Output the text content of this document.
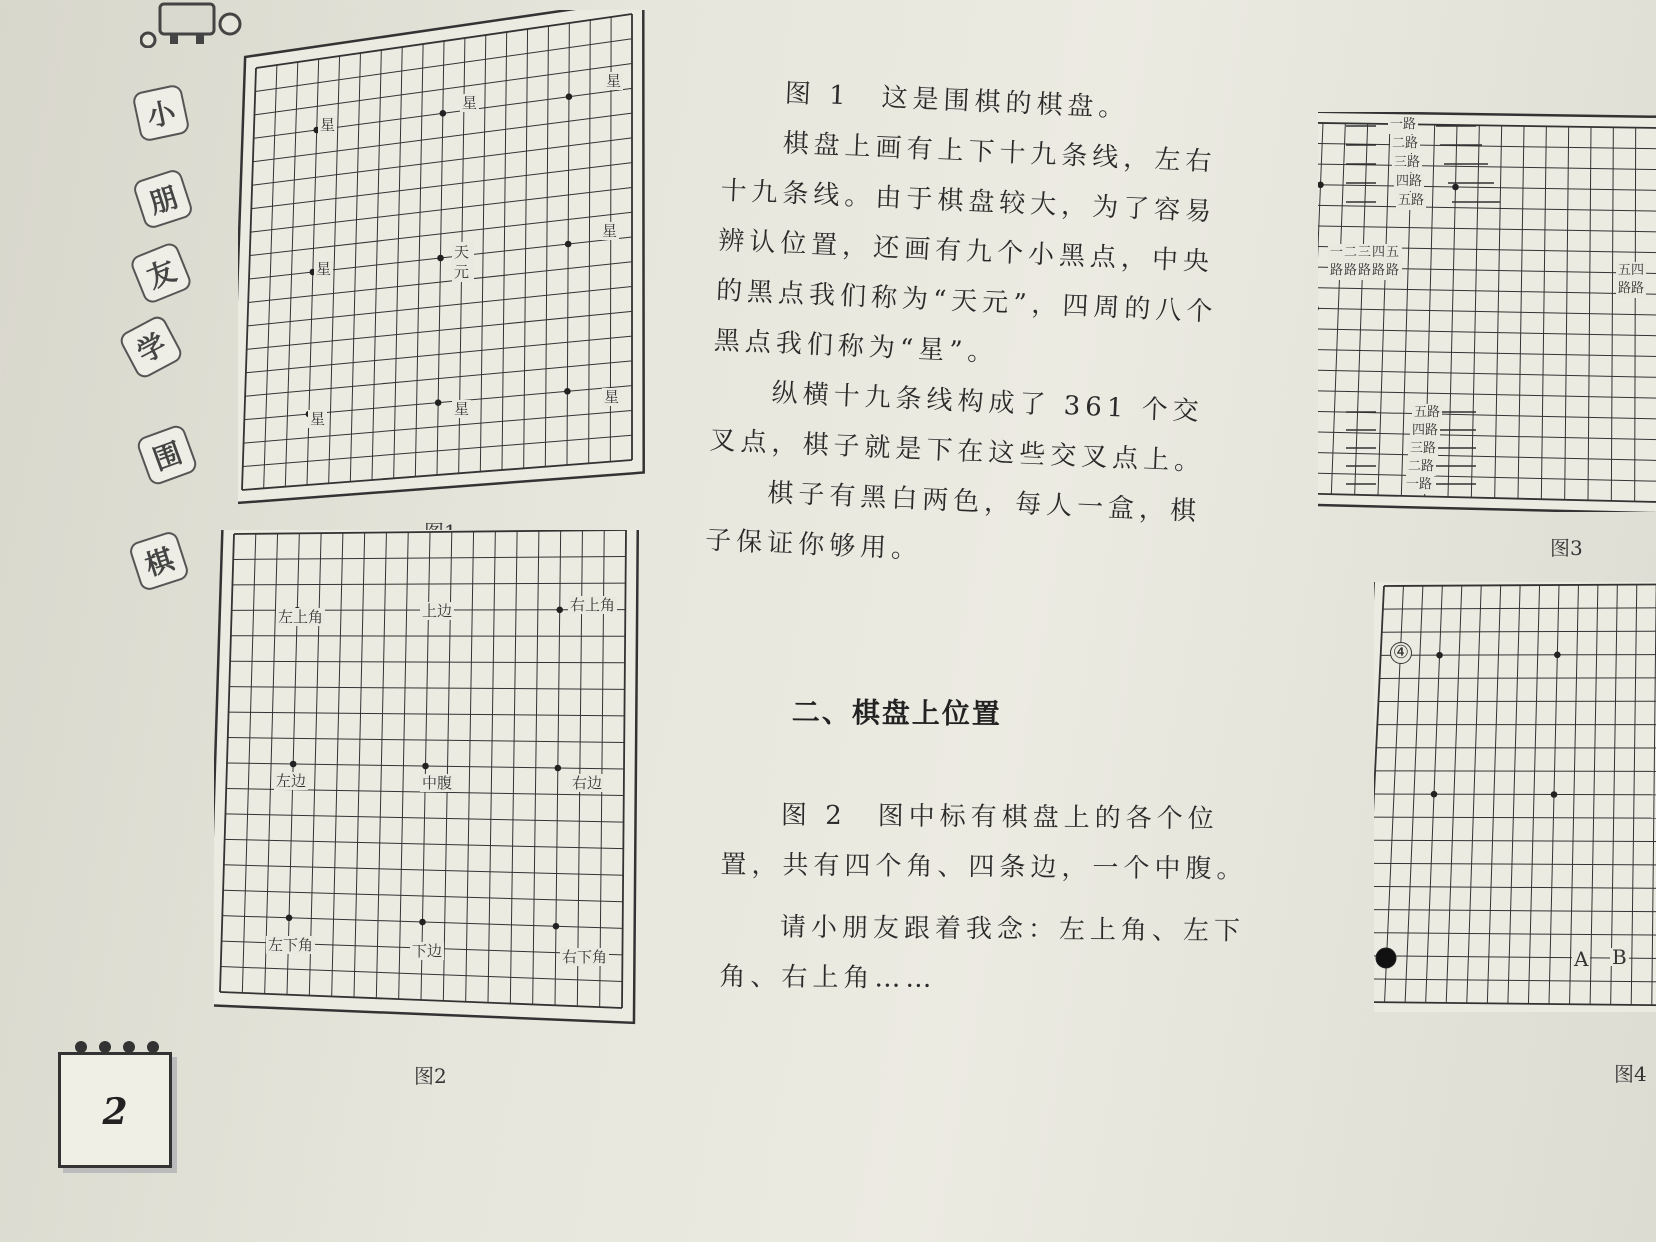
小
朋
友
学
围
棋
2
星
星
星
星
天元
星
星
星
星
左上角	上边	右上角
左边	中腹	右边
左下角	下边	右下角
图2

图 1　这是围棋的棋盘。

棋盘上画有上下十九条线，左右十九条线。由于棋盘较大，为了容易辨认位置，还画有九个小黑点，中央的黑点我们称为“天元”，四周的八个黑点我们称为“星”。

纵横十九条线构成了 361 个交叉点，棋子就是下在这些交叉点上。

棋子有黑白两色，每人一盒，棋子保证你够用。

二、棋盘上位置

图 2　图中标有棋盘上的各个位置，共有四个角、四条边，一个中腹。

请小朋友跟着我念：左上角、左下角、右上角……

一路
一路
二路
二路
三路
三路
四路
四路
五路
五路
一二三四五
路路路路路	五四
路路
图3
④
A B
图4
